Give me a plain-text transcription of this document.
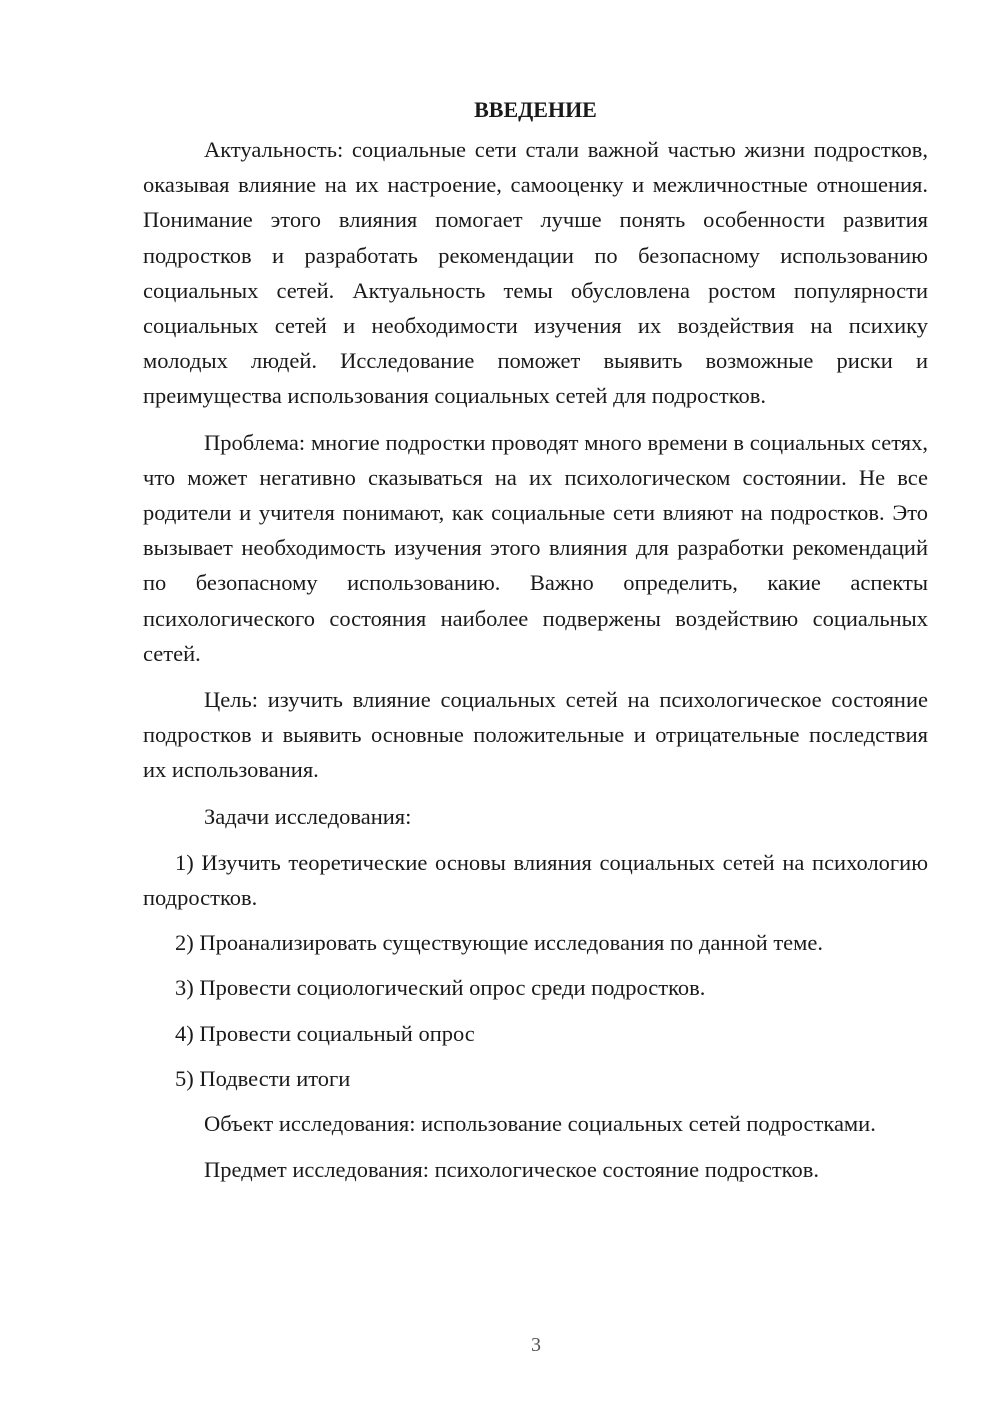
ВВЕДЕНИЕ

Актуальность: социальные сети стали важной частью жизни подростков, оказывая влияние на их настроение, самооценку и межличностные отношения. Понимание этого влияния помогает лучше понять особенности развития подростков и разработать рекомендации по безопасному использованию социальных сетей. Актуальность темы обусловлена ростом популярности социальных сетей и необходимости изучения их воздействия на психику молодых людей. Исследование поможет выявить возможные риски и преимущества использования социальных сетей для подростков.

Проблема: многие подростки проводят много времени в социальных сетях, что может негативно сказываться на их психологическом состоянии. Не все родители и учителя понимают, как социальные сети влияют на подростков. Это вызывает необходимость изучения этого влияния для разработки рекомендаций по безопасному использованию. Важно определить, какие аспекты психологического состояния наиболее подвержены воздействию социальных сетей.

Цель: изучить влияние социальных сетей на психологическое состояние подростков и выявить основные положительные и отрицательные последствия их использования.

Задачи исследования:

1) Изучить теоретические основы влияния социальных сетей на психологию подростков.

2) Проанализировать существующие исследования по данной теме.

3) Провести социологический опрос среди подростков.

4) Провести социальный опрос

5) Подвести итоги

Объект исследования: использование социальных сетей подростками.

Предмет исследования: психологическое состояние подростков.

3
